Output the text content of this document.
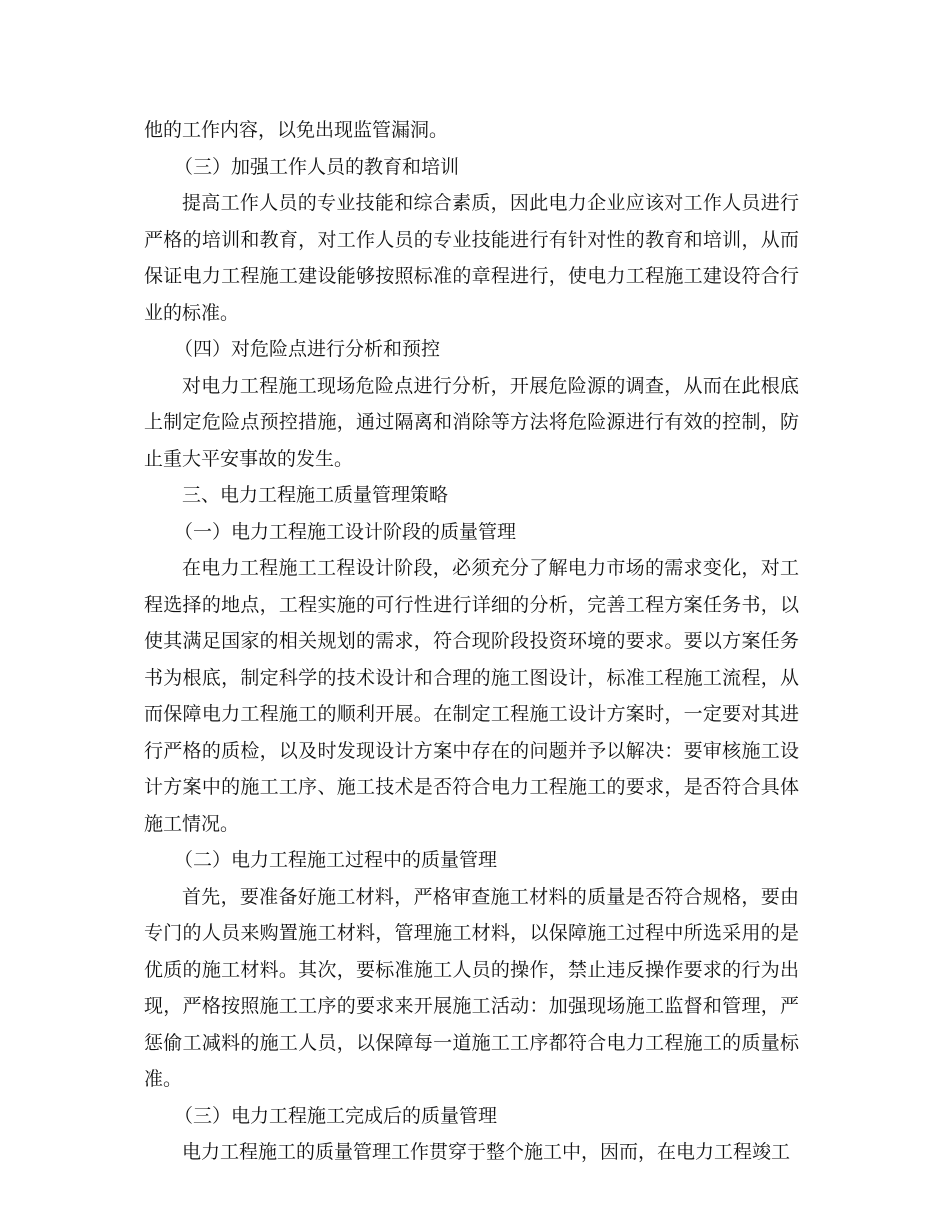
他的工作内容，以免出现监管漏洞。

（三）加强工作人员的教育和培训

提高工作人员的专业技能和综合素质，因此电力企业应该对工作人员进行严格的培训和教育，对工作人员的专业技能进行有针对性的教育和培训，从而保证电力工程施工建设能够按照标准的章程进行，使电力工程施工建设符合行业的标准。

（四）对危险点进行分析和预控

对电力工程施工现场危险点进行分析，开展危险源的调查，从而在此根底上制定危险点预控措施，通过隔离和消除等方法将危险源进行有效的控制，防止重大平安事故的发生。

三、电力工程施工质量管理策略

（一）电力工程施工设计阶段的质量管理

在电力工程施工工程设计阶段，必须充分了解电力市场的需求变化，对工程选择的地点，工程实施的可行性进行详细的分析，完善工程方案任务书，以使其满足国家的相关规划的需求，符合现阶段投资环境的要求。要以方案任务书为根底，制定科学的技术设计和合理的施工图设计，标准工程施工流程，从而保障电力工程施工的顺利开展。在制定工程施工设计方案时，一定要对其进行严格的质检，以及时发现设计方案中存在的问题并予以解决：要审核施工设计方案中的施工工序、施工技术是否符合电力工程施工的要求，是否符合具体施工情况。

（二）电力工程施工过程中的质量管理

首先，要准备好施工材料，严格审查施工材料的质量是否符合规格，要由专门的人员来购置施工材料，管理施工材料，以保障施工过程中所选采用的是优质的施工材料。其次，要标准施工人员的操作，禁止违反操作要求的行为出现，严格按照施工工序的要求来开展施工活动：加强现场施工监督和管理，严惩偷工减料的施工人员，以保障每一道施工工序都符合电力工程施工的质量标准。

（三）电力工程施工完成后的质量管理

电力工程施工的质量管理工作贯穿于整个施工中，因而，在电力工程竣工
